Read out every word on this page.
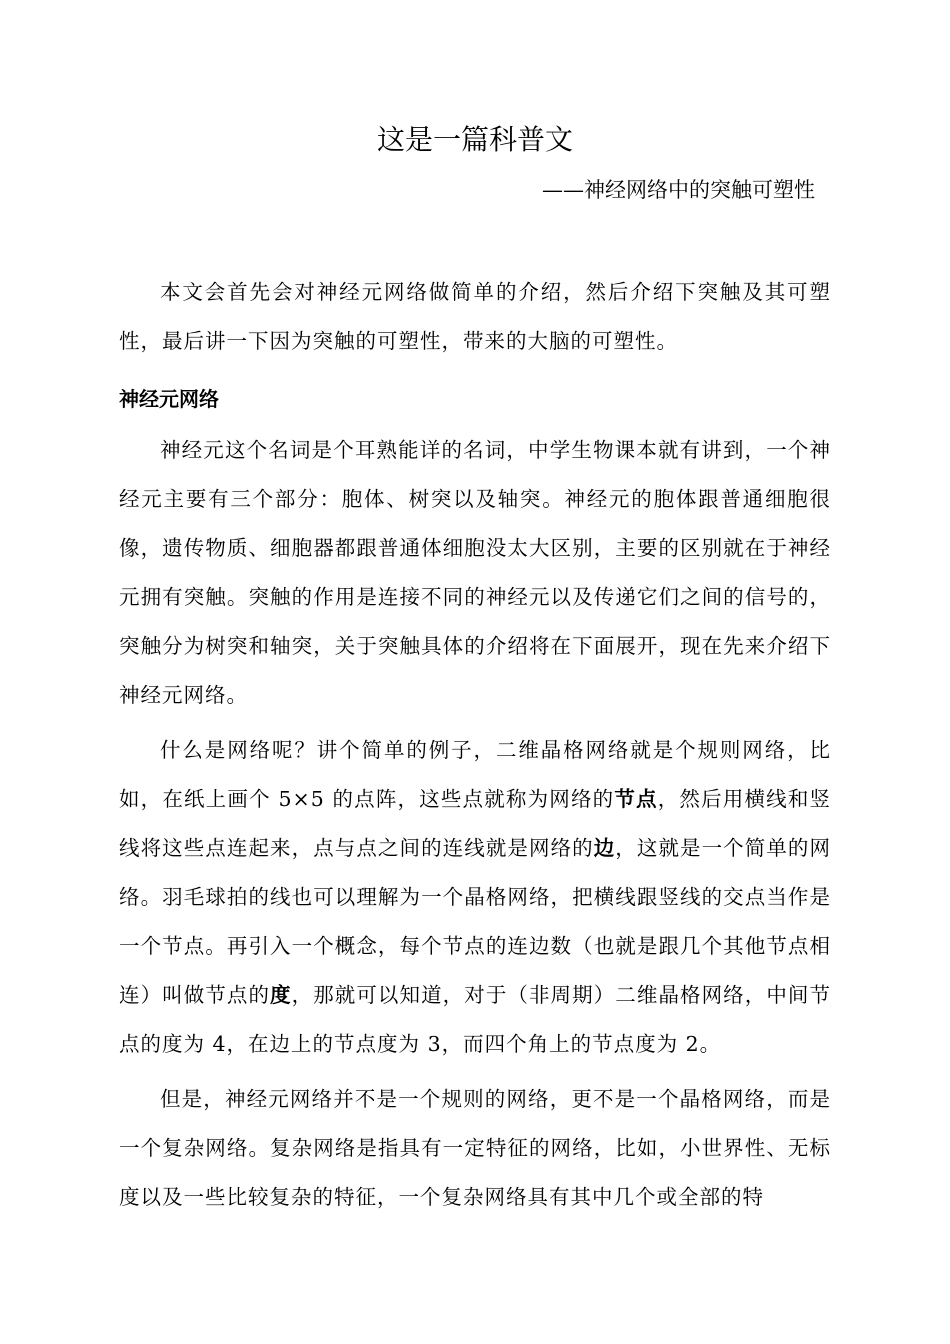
这是一篇科普文

——神经网络中的突触可塑性

本文会首先会对神经元网络做简单的介绍，然后介绍下突触及其可塑性，最后讲一下因为突触的可塑性，带来的大脑的可塑性。

神经元网络

神经元这个名词是个耳熟能详的名词，中学生物课本就有讲到，一个神经元主要有三个部分：胞体、树突以及轴突。神经元的胞体跟普通细胞很像，遗传物质、细胞器都跟普通体细胞没太大区别，主要的区别就在于神经元拥有突触。突触的作用是连接不同的神经元以及传递它们之间的信号的，突触分为树突和轴突，关于突触具体的介绍将在下面展开，现在先来介绍下神经元网络。

什么是网络呢？讲个简单的例子，二维晶格网络就是个规则网络，比如，在纸上画个 5×5 的点阵，这些点就称为网络的节点，然后用横线和竖线将这些点连起来，点与点之间的连线就是网络的边，这就是一个简单的网络。羽毛球拍的线也可以理解为一个晶格网络，把横线跟竖线的交点当作是一个节点。再引入一个概念，每个节点的连边数（也就是跟几个其他节点相连）叫做节点的度，那就可以知道，对于（非周期）二维晶格网络，中间节点的度为 4，在边上的节点度为 3，而四个角上的节点度为 2。

但是，神经元网络并不是一个规则的网络，更不是一个晶格网络，而是一个复杂网络。复杂网络是指具有一定特征的网络，比如，小世界性、无标度以及一些比较复杂的特征，一个复杂网络具有其中几个或全部的特
